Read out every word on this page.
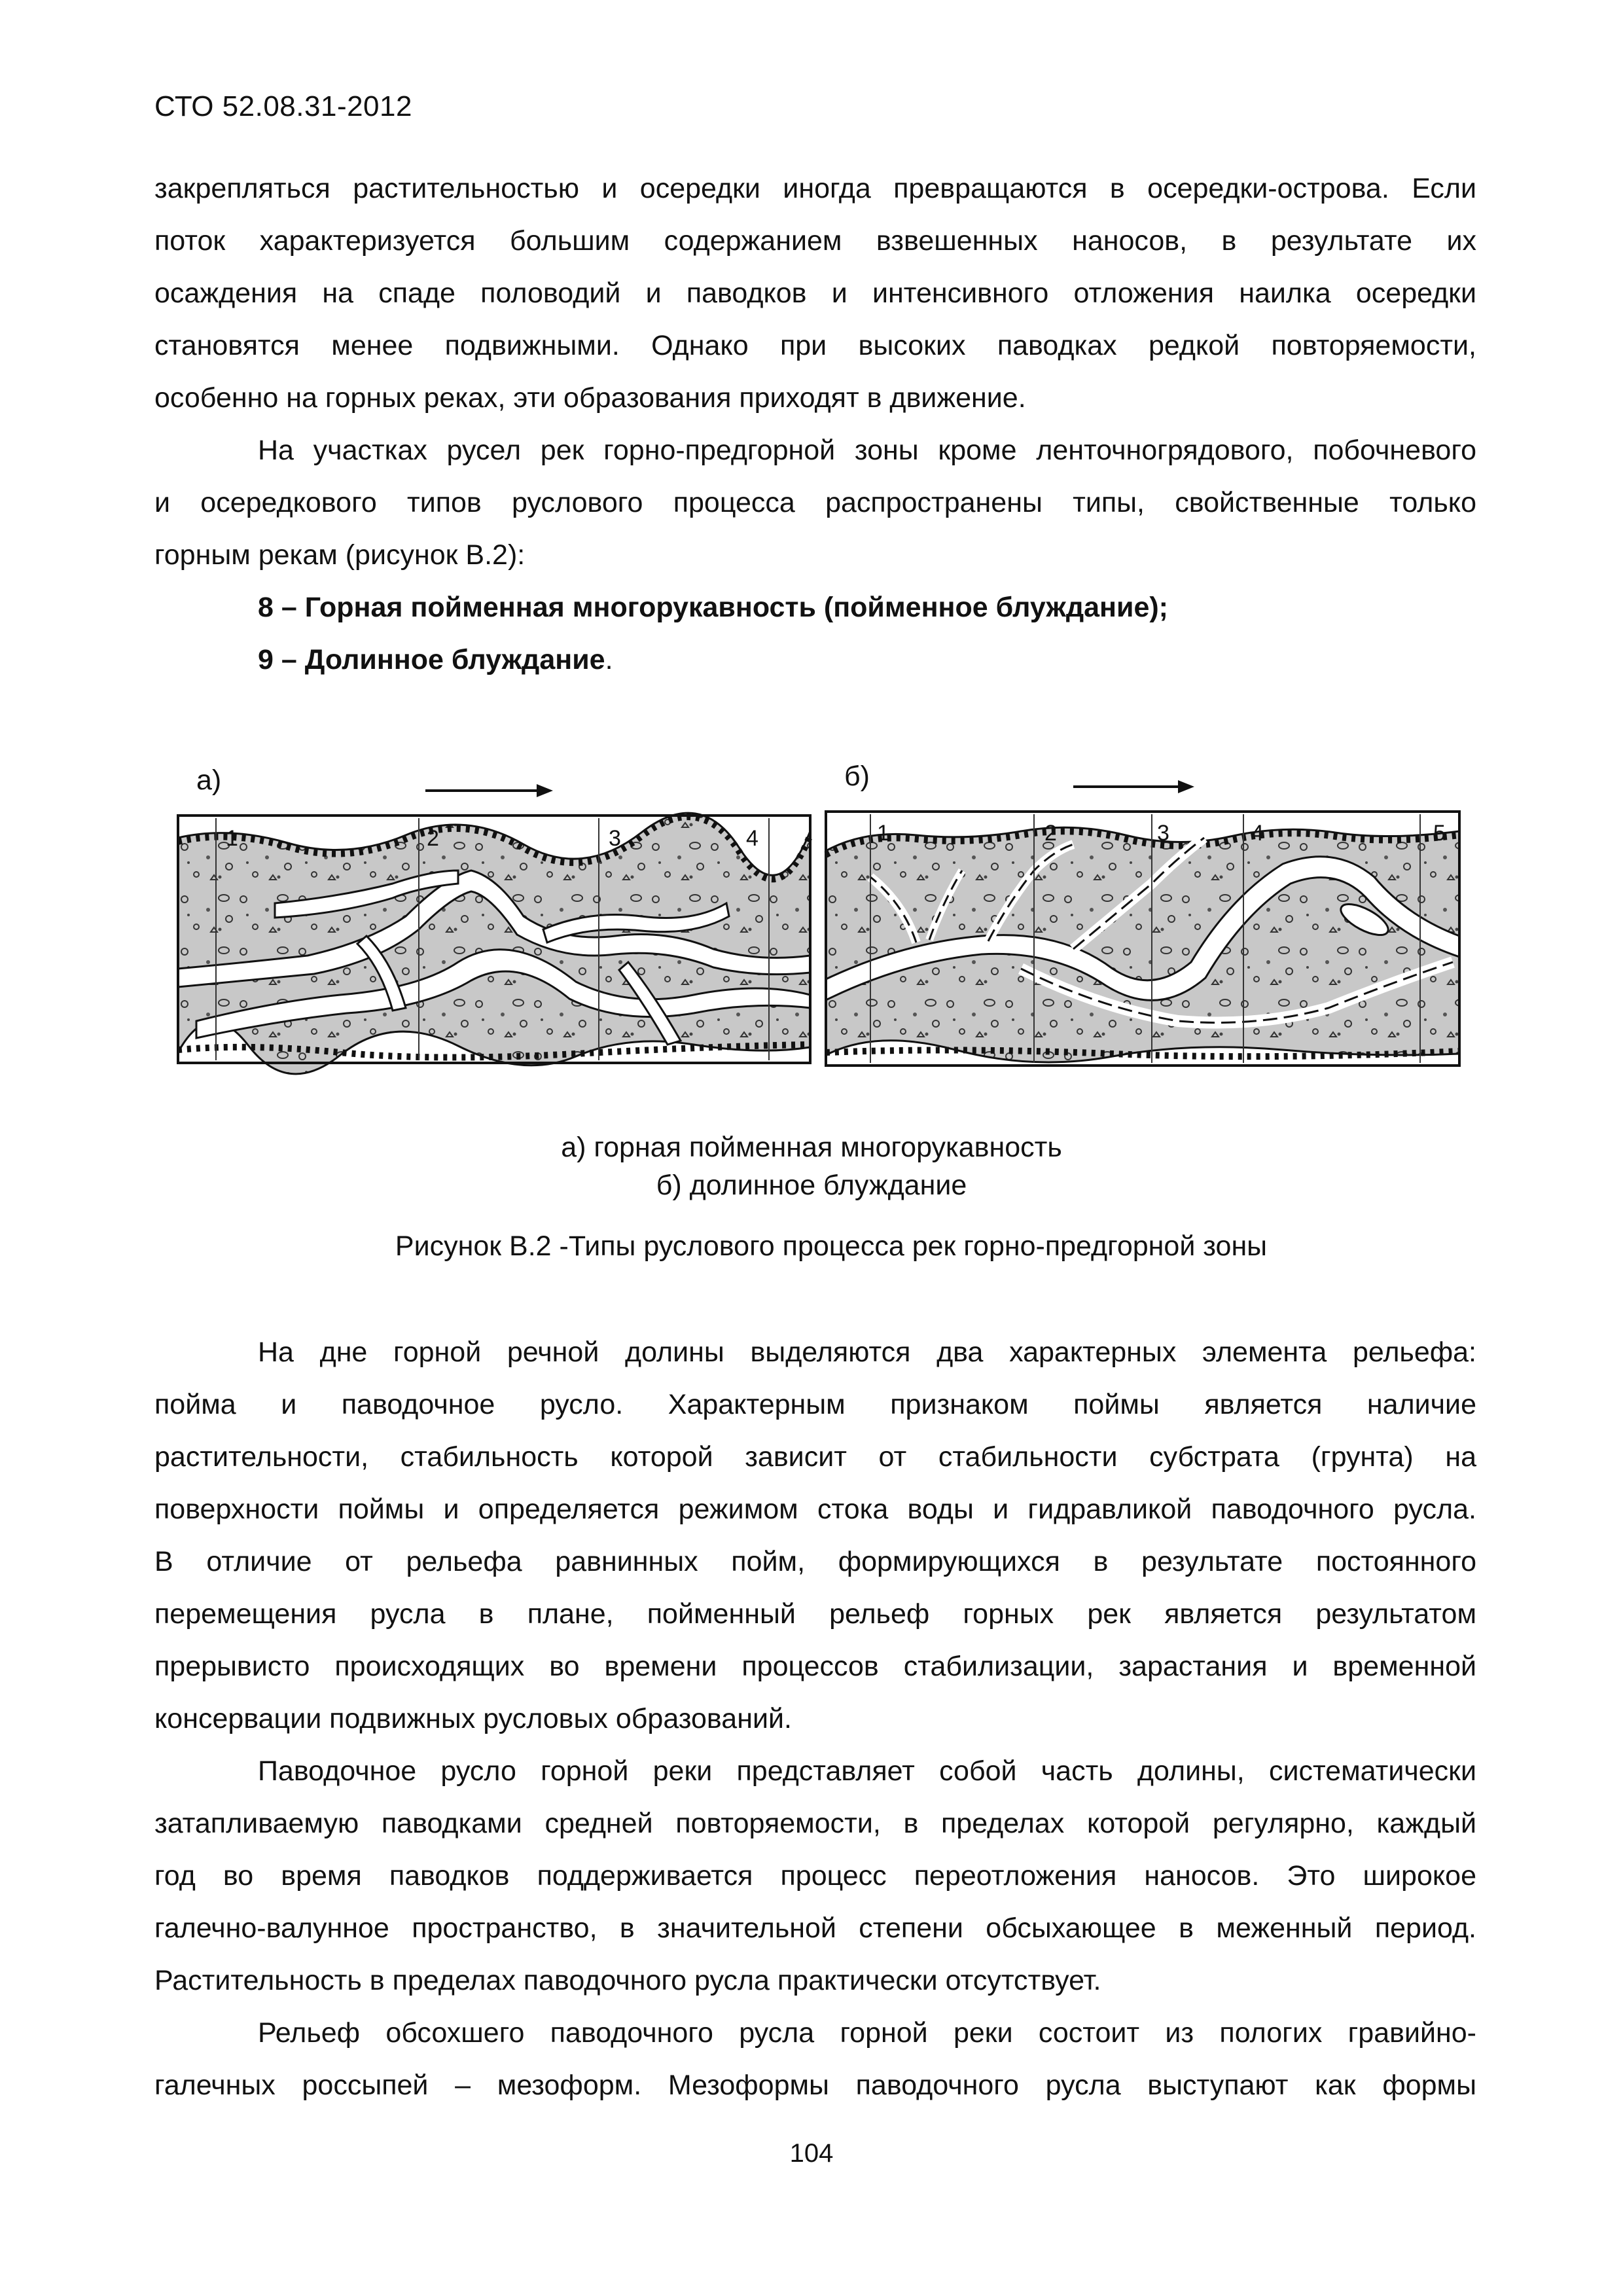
СТО 52.08.31-2012
закрепляться растительностью и осередки иногда превращаются в осередки-острова. Если
поток характеризуется большим содержанием взвешенных наносов, в результате их
осаждения на спаде половодий и паводков и интенсивного отложения наилка осередки
становятся менее подвижными. Однако при высоких паводках редкой повторяемости,
особенно на горных реках, эти образования приходят в движение.
На участках русел рек горно-предгорной зоны кроме ленточногрядового, побочневого
и осередкового типов руслового процесса распространены типы, свойственные только
горным рекам (рисунок В.2):
8 – Горная пойменная многорукавность (пойменное блуждание);
9 – Долинное блуждание.
а)	б)
1	2	3	4	1	2	3	4	5
а) горная пойменная многорукавность
б) долинное блуждание
Рисунок В.2 -Типы руслового процесса рек горно-предгорной зоны
На дне горной речной долины выделяются два характерных элемента рельефа:
пойма и паводочное русло. Характерным признаком поймы является наличие
растительности, стабильность которой зависит от стабильности субстрата (грунта) на
поверхности поймы и определяется режимом стока воды и гидравликой паводочного русла.
В отличие от рельефа равнинных пойм, формирующихся в результате постоянного
перемещения русла в плане, пойменный рельеф горных рек является результатом
прерывисто происходящих во времени процессов стабилизации, зарастания и временной
консервации подвижных русловых образований.
Паводочное русло горной реки представляет собой часть долины, систематически
затапливаемую паводками средней повторяемости, в пределах которой регулярно, каждый
год во время паводков поддерживается процесс переотложения наносов. Это широкое
галечно-валунное пространство, в значительной степени обсыхающее в меженный период.
Растительность в пределах паводочного русла практически отсутствует.
Рельеф обсохшего паводочного русла горной реки состоит из пологих гравийно-
галечных россыпей – мезоформ. Мезоформы паводочного русла выступают как формы
104
